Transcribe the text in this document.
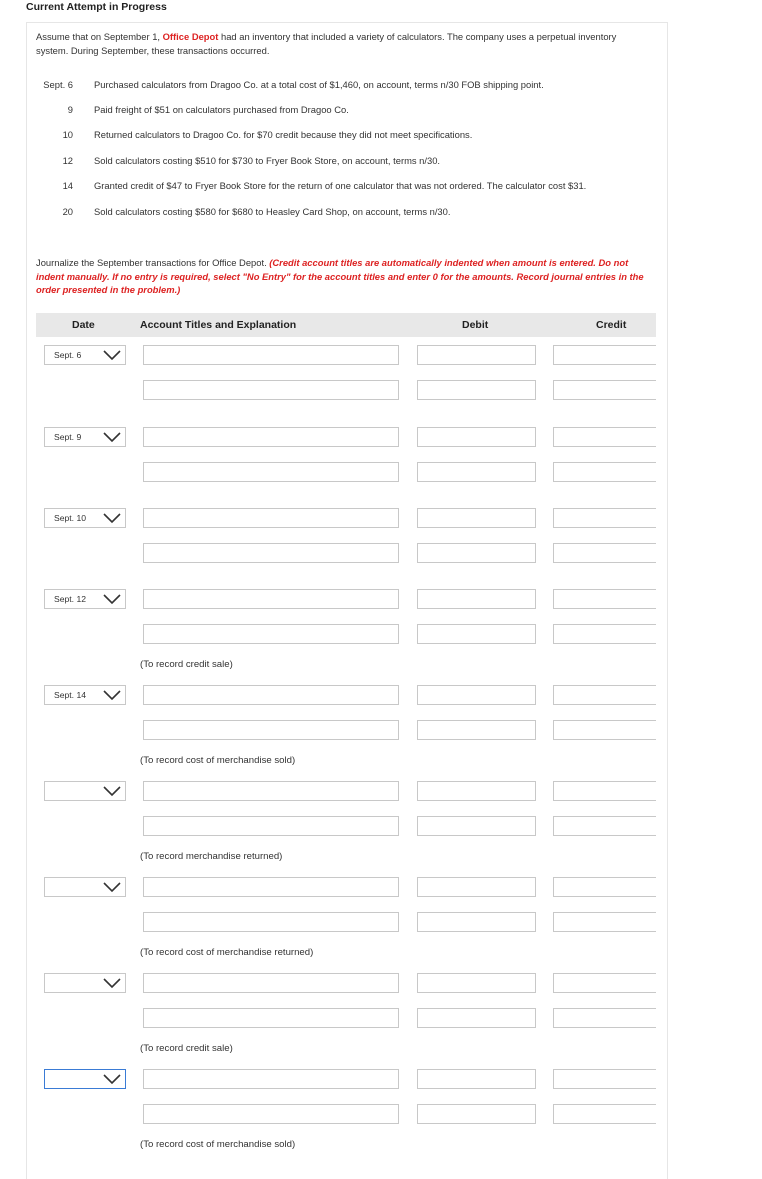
Current Attempt in Progress
Assume that on September 1, Office Depot had an inventory that included a variety of calculators. The company uses a perpetual inventory system. During September, these transactions occurred.
Sept. 6 Purchased calculators from Dragoo Co. at a total cost of $1,460, on account, terms n/30 FOB shipping point.
9 Paid freight of $51 on calculators purchased from Dragoo Co.
10 Returned calculators to Dragoo Co. for $70 credit because they did not meet specifications.
12 Sold calculators costing $510 for $730 to Fryer Book Store, on account, terms n/30.
14 Granted credit of $47 to Fryer Book Store for the return of one calculator that was not ordered. The calculator cost $31.
20 Sold calculators costing $580 for $680 to Heasley Card Shop, on account, terms n/30.
Journalize the September transactions for Office Depot. (Credit account titles are automatically indented when amount is entered. Do not indent manually. If no entry is required, select "No Entry" for the account titles and enter 0 for the amounts. Record journal entries in the order presented in the problem.)
Date	Account Titles and Explanation	Debit	Credit
Sept. 6
Sept. 9
Sept. 10
Sept. 12
(To record credit sale)
Sept. 14
(To record cost of merchandise sold)
(To record merchandise returned)
(To record cost of merchandise returned)
(To record credit sale)
(To record cost of merchandise sold)
